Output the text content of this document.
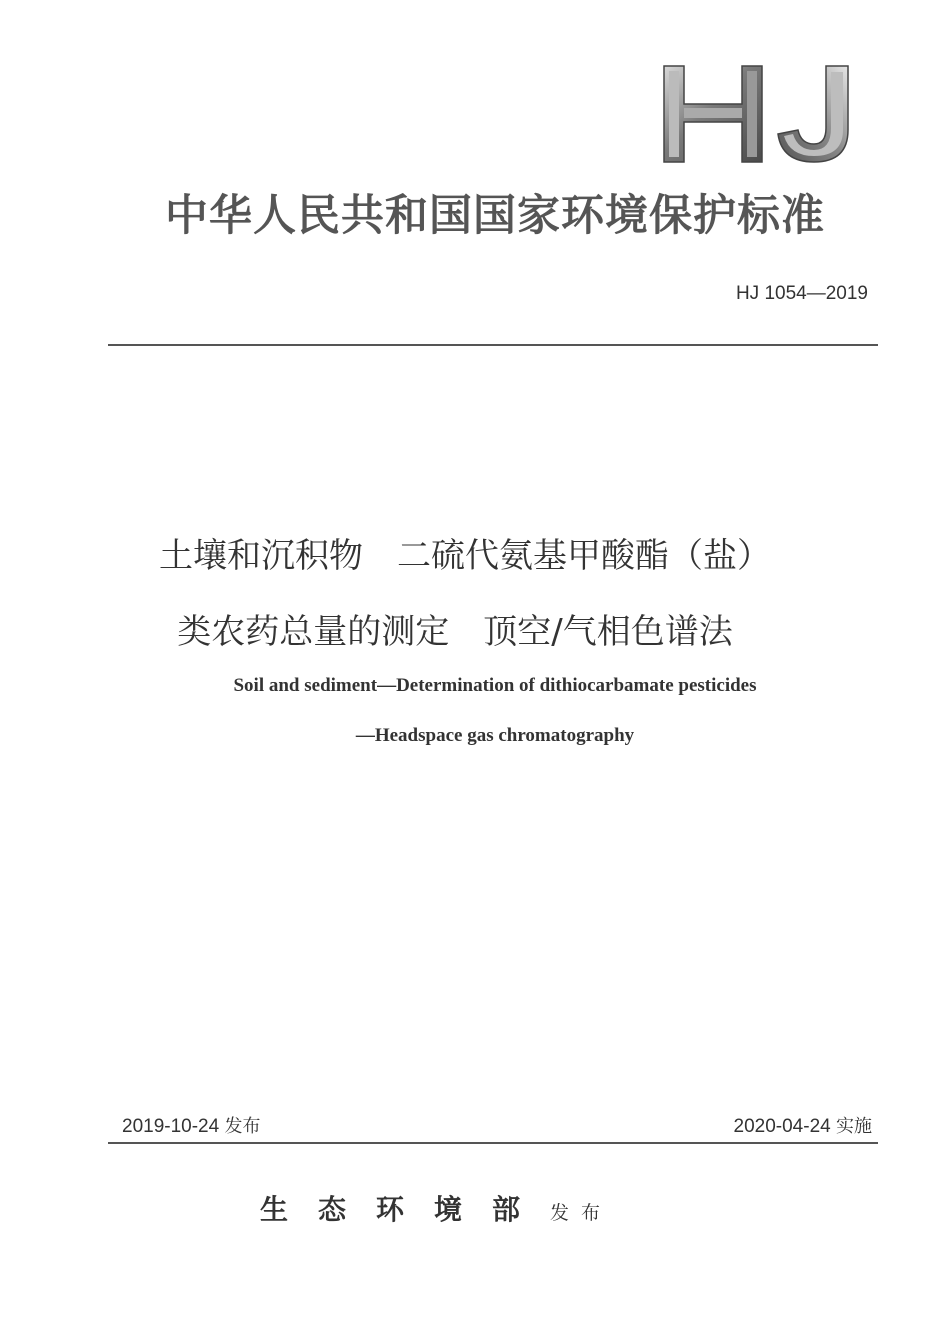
中华人民共和国国家环境保护标准
HJ 1054—2019
土壤和沉积物　二硫代氨基甲酸酯（盐）
类农药总量的测定　顶空/气相色谱法
Soil and sediment—Determination of dithiocarbamate pesticides
—Headspace gas chromatography
2019-10-24 发布	2020-04-24 实施
生态环境部发布
